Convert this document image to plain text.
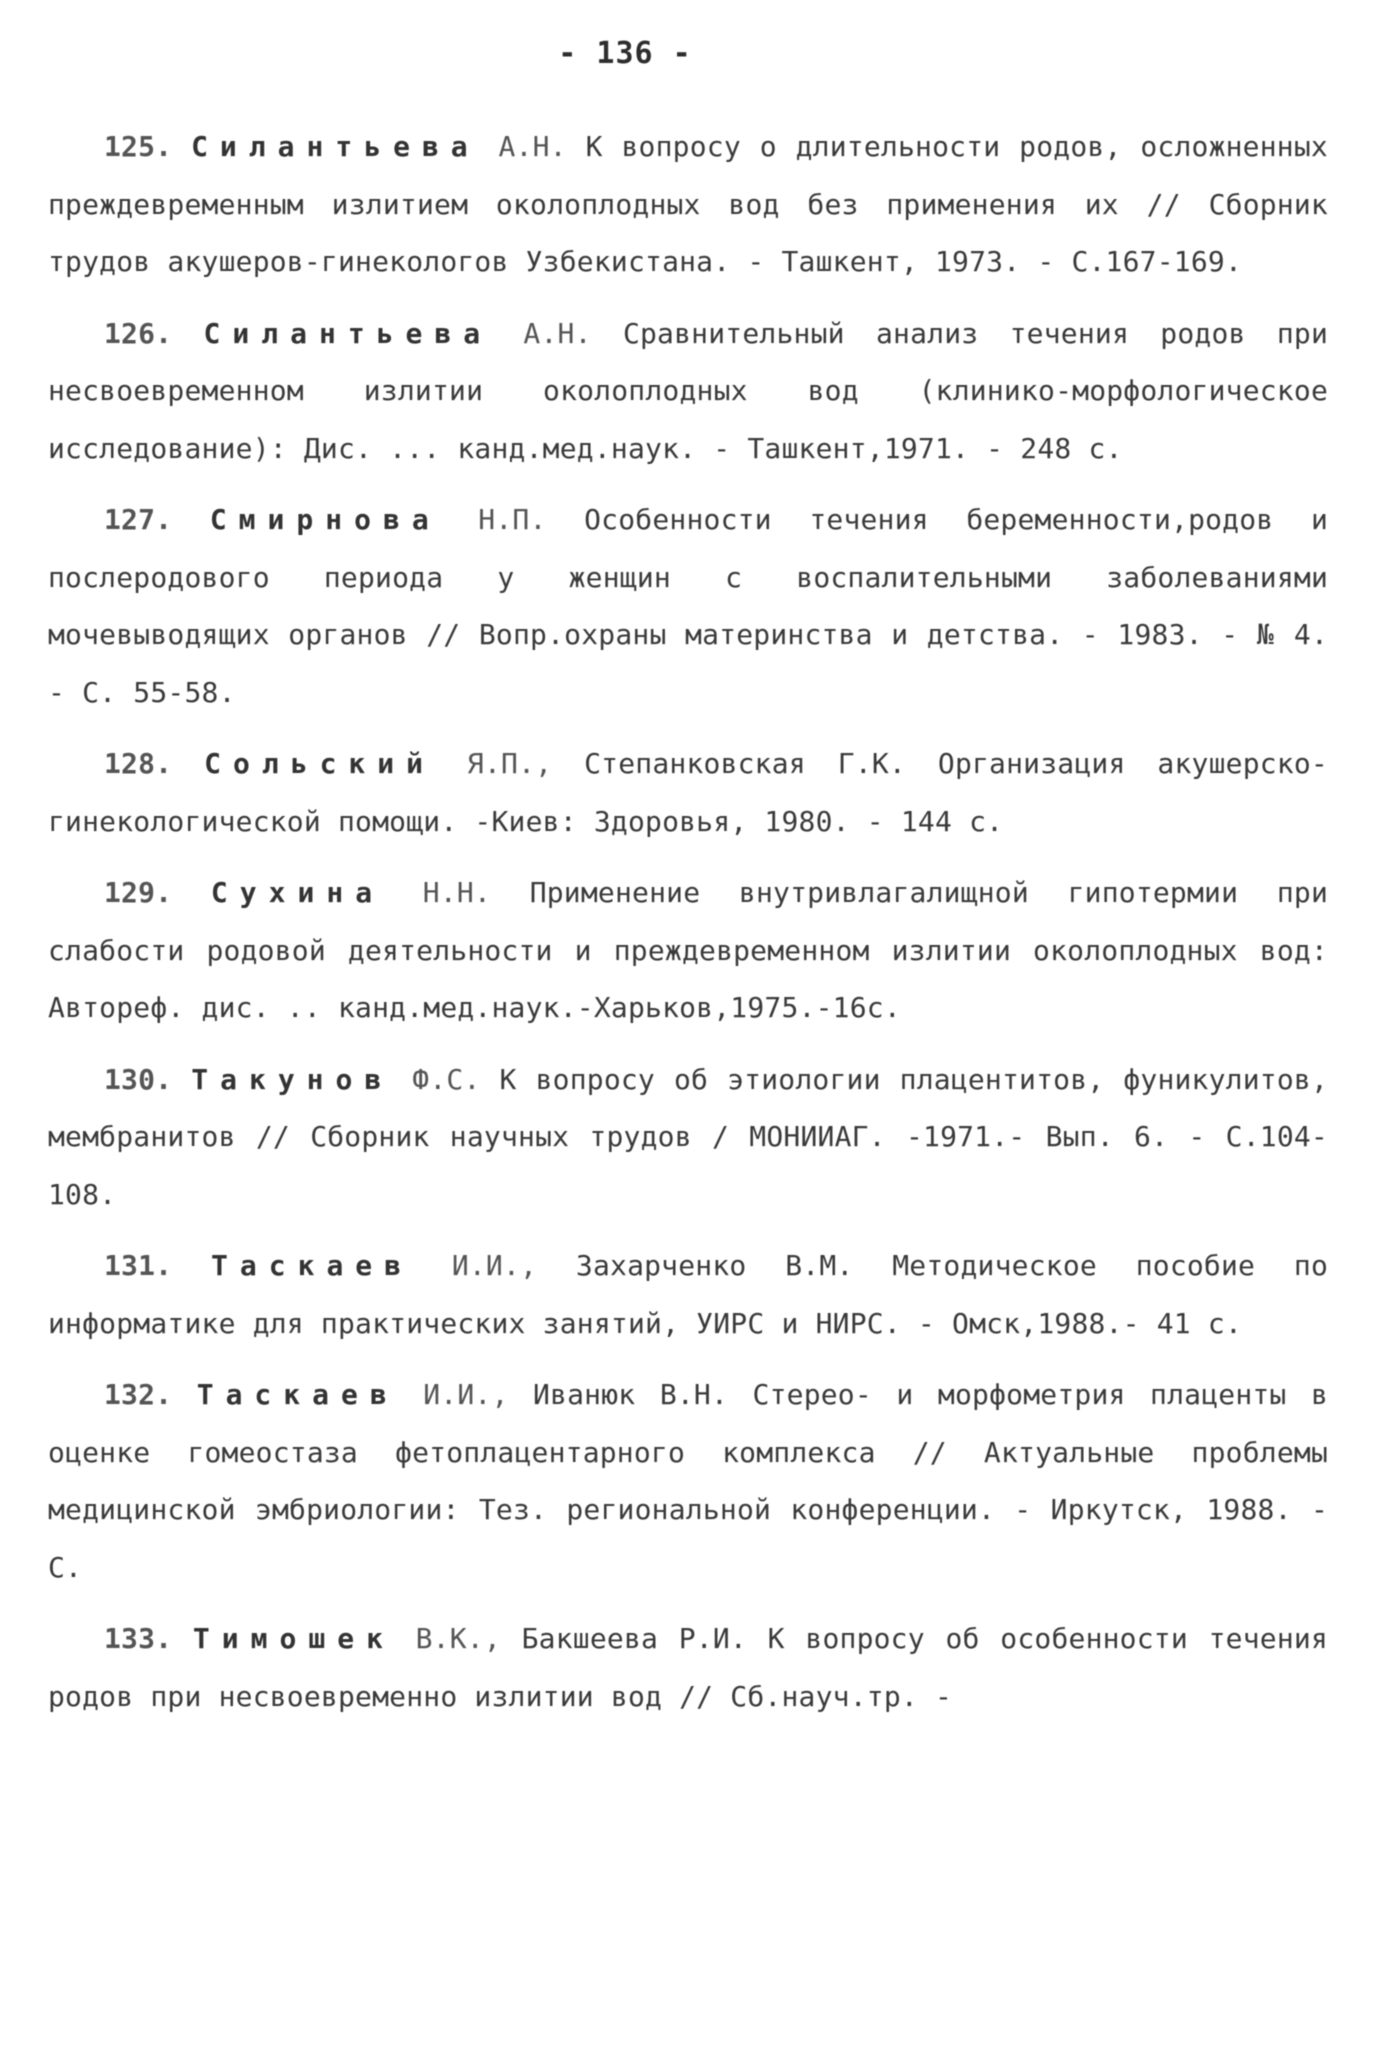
- 136 -

125. Силантьева А.Н. К вопросу о длительности родов, осложненных преждевременным излитием околоплодных вод без применения их // Сборник трудов акушеров-гинекологов Узбекистана. - Ташкент, 1973. - С.167-169.

126. Силантьева А.Н. Сравнительный анализ течения родов при несвоевременном излитии околоплодных вод (клинико-морфологическое исследование): Дис. ... канд.мед.наук. - Ташкент,1971. - 248 с.

127. Смирнова Н.П. Особенности течения беременности,родов и послеродового периода у женщин с воспалительными заболеваниями мочевыводящих органов // Вопр.охраны материнства и детства. - 1983. - № 4. - С. 55-58.

128. Сольский Я.П., Степанковская Г.К. Организация акушерско-гинекологической помощи. -Киев: Здоровья, 1980. - 144 с.

129. Сухина Н.Н. Применение внутривлагалищной гипотермии при слабости родовой деятельности и преждевременном излитии околоплодных вод: Автореф. дис. .. канд.мед.наук.-Харьков,1975.-16с.

130. Такунов Ф.С. К вопросу об этиологии плацентитов, фуникулитов, мембранитов // Сборник научных трудов / МОНИИАГ. -1971.- Вып. 6. - С.104-108.

131. Таскаев И.И., Захарченко В.М. Методическое пособие по информатике для практических занятий, УИРС и НИРС. - Омск,1988.- 41 с.

132. Таскаев И.И., Иванюк В.Н. Стерео- и морфометрия плаценты в оценке гомеостаза фетоплацентарного комплекса // Актуальные проблемы медицинской эмбриологии: Тез. региональной конференции. - Иркутск, 1988. - С.

133. Тимошек В.К., Бакшеева Р.И. К вопросу об особенности течения родов при несвоевременно излитии вод // Сб.науч.тр. -
